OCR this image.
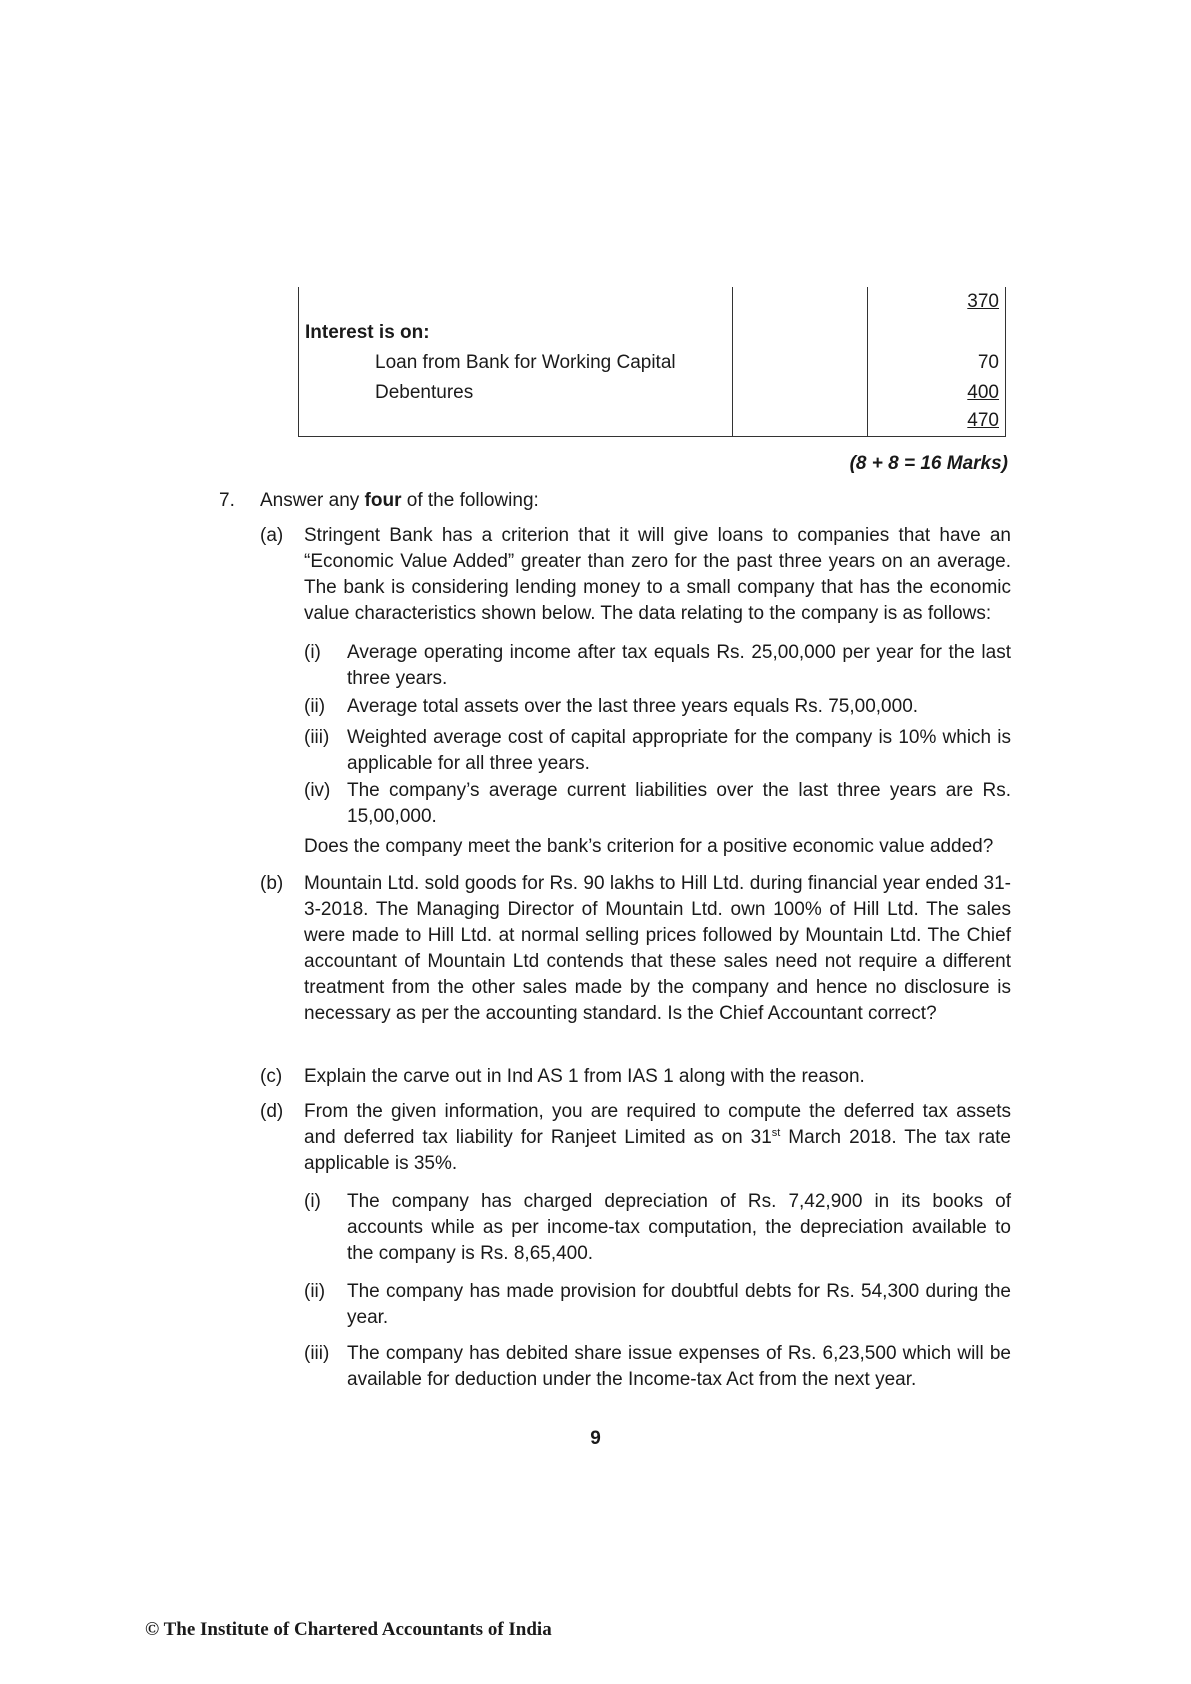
370
Interest is on:
Loan from Bank for Working Capital	70
Debentures	400
470
(8 + 8 = 16 Marks)
7. Answer any four of the following:
(a) Stringent Bank has a criterion that it will give loans to companies that have an “Economic Value Added” greater than zero for the past three years on an average. The bank is considering lending money to a small company that has the economic value characteristics shown below. The data relating to the company is as follows:
(i) Average operating income after tax equals Rs. 25,00,000 per year for the last three years.
(ii) Average total assets over the last three years equals Rs. 75,00,000.
(iii) Weighted average cost of capital appropriate for the company is 10% which is applicable for all three years.
(iv) The company’s average current liabilities over the last three years are Rs. 15,00,000.
Does the company meet the bank’s criterion for a positive economic value added?
(b) Mountain Ltd. sold goods for Rs. 90 lakhs to Hill Ltd. during financial year ended 31-3-2018. The Managing Director of Mountain Ltd. own 100% of Hill Ltd. The sales were made to Hill Ltd. at normal selling prices followed by Mountain Ltd. The Chief accountant of Mountain Ltd contends that these sales need not require a different treatment from the other sales made by the company and hence no disclosure is necessary as per the accounting standard. Is the Chief Accountant correct?
(c) Explain the carve out in Ind AS 1 from IAS 1 along with the reason.
(d) From the given information, you are required to compute the deferred tax assets and deferred tax liability for Ranjeet Limited as on 31st March 2018. The tax rate applicable is 35%.
(i) The company has charged depreciation of Rs. 7,42,900 in its books of accounts while as per income-tax computation, the depreciation available to the company is Rs. 8,65,400.
(ii) The company has made provision for doubtful debts for Rs. 54,300 during the year.
(iii) The company has debited share issue expenses of Rs. 6,23,500 which will be available for deduction under the Income-tax Act from the next year.
9
© The Institute of Chartered Accountants of India
